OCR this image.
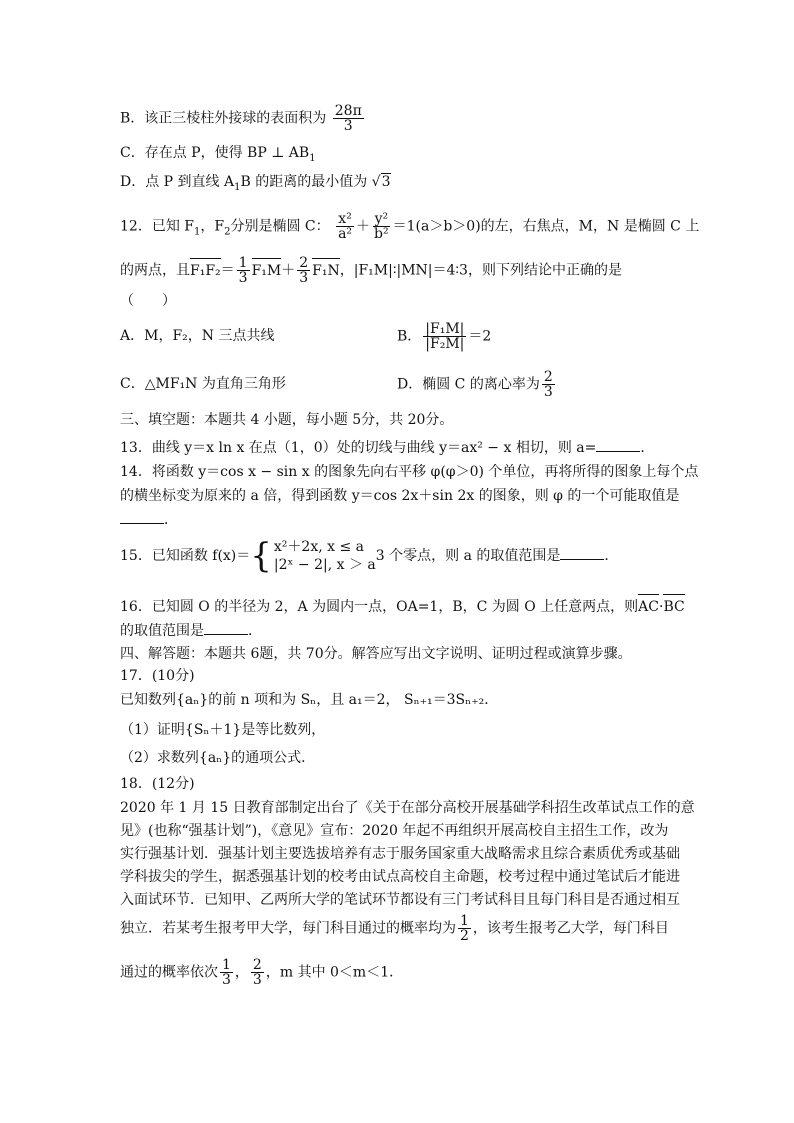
B．该正三棱柱外接球的表面积为 $\frac{28\pi}{3}$
C．存在点 P，使得 BP ⊥ $AB_1$
D．点 P 到直线 $A_1B$ 的距离的最小值为 √3
12．已知 $F_1$，$F_2$分别是椭圆 C： $\frac{\text{x²}}{\text{a²}} + \frac{\text{y²}}{\text{b²}} =1(a>b>0)$的左，右焦点，M，N 是椭圆 C 上
的两点，且$F_1F_2= \frac{1}{3} F_1M+ \frac{2}{3} F_1N$，|F₁M|∶|MN|＝4∶3，则下列结论中正确的是
（　　）
A．M，F₂，N 三点共线	B． $\frac{\text{|F₁M|}}{\text{|F₂M|}} =2$
C．△MF₁N 为直角三角形	D．椭圆 C 的离心率为 $\frac{2}{3}$
三、填空题：本题共 4 小题，每小题 5分，共 20分。
13．曲线 y＝x ln x 在点（1，0）处的切线与曲线 y＝ax² − x 相切，则 a=	．
14．将函数 y＝cos x − sin x 的图象先向右平移 φ(φ＞0) 个单位，再将所得的图象上每个点
的横坐标变为原来的 a 倍，得到函数 y＝cos 2x＋sin 2x 的图象，则 φ 的一个可能取值是
．
15．已知函数 f(x)＝ { x²＋2x, x ≤ a
|2ˣ − 2|, x ＞ a
3 个零点，则 a 的取值范围是	．
16．已知圆 O 的半径为 2，A 为圆内一点，OA=1，B，C 为圆 O 上任意两点，则AC·BC
的取值范围是	．
四、解答题：本题共 6题，共 70分。解答应写出文字说明、证明过程或演算步骤。
17．(10分)
已知数列{aₙ}的前 n 项和为 Sₙ，且 a₁＝2， Sₙ₊₁＝3Sₙ₊₂．
（1）证明{Sₙ＋1}是等比数列，
（2）求数列{aₙ}的通项公式．
18．(12分)
2020 年 1 月 15 日教育部制定出台了《关于在部分高校开展基础学科招生改革试点工作的意
见》(也称“强基计划”)，《意见》宣布：2020 年起不再组织开展高校自主招生工作，改为
实行强基计划．强基计划主要选拔培养有志于服务国家重大战略需求且综合素质优秀或基础
学科拔尖的学生，据悉强基计划的校考由试点高校自主命题，校考过程中通过笔试后才能进
入面试环节．已知甲、乙两所大学的笔试环节都设有三门考试科目且每门科目是否通过相互
独立．若某考生报考甲大学，每门科目通过的概率均为 $\frac{1}{2}$ ，该考生报考乙大学，每门科目
通过的概率依次 $\frac{1}{3}$ ， $\frac{2}{3}$ ，m 其中 0＜m＜1．
